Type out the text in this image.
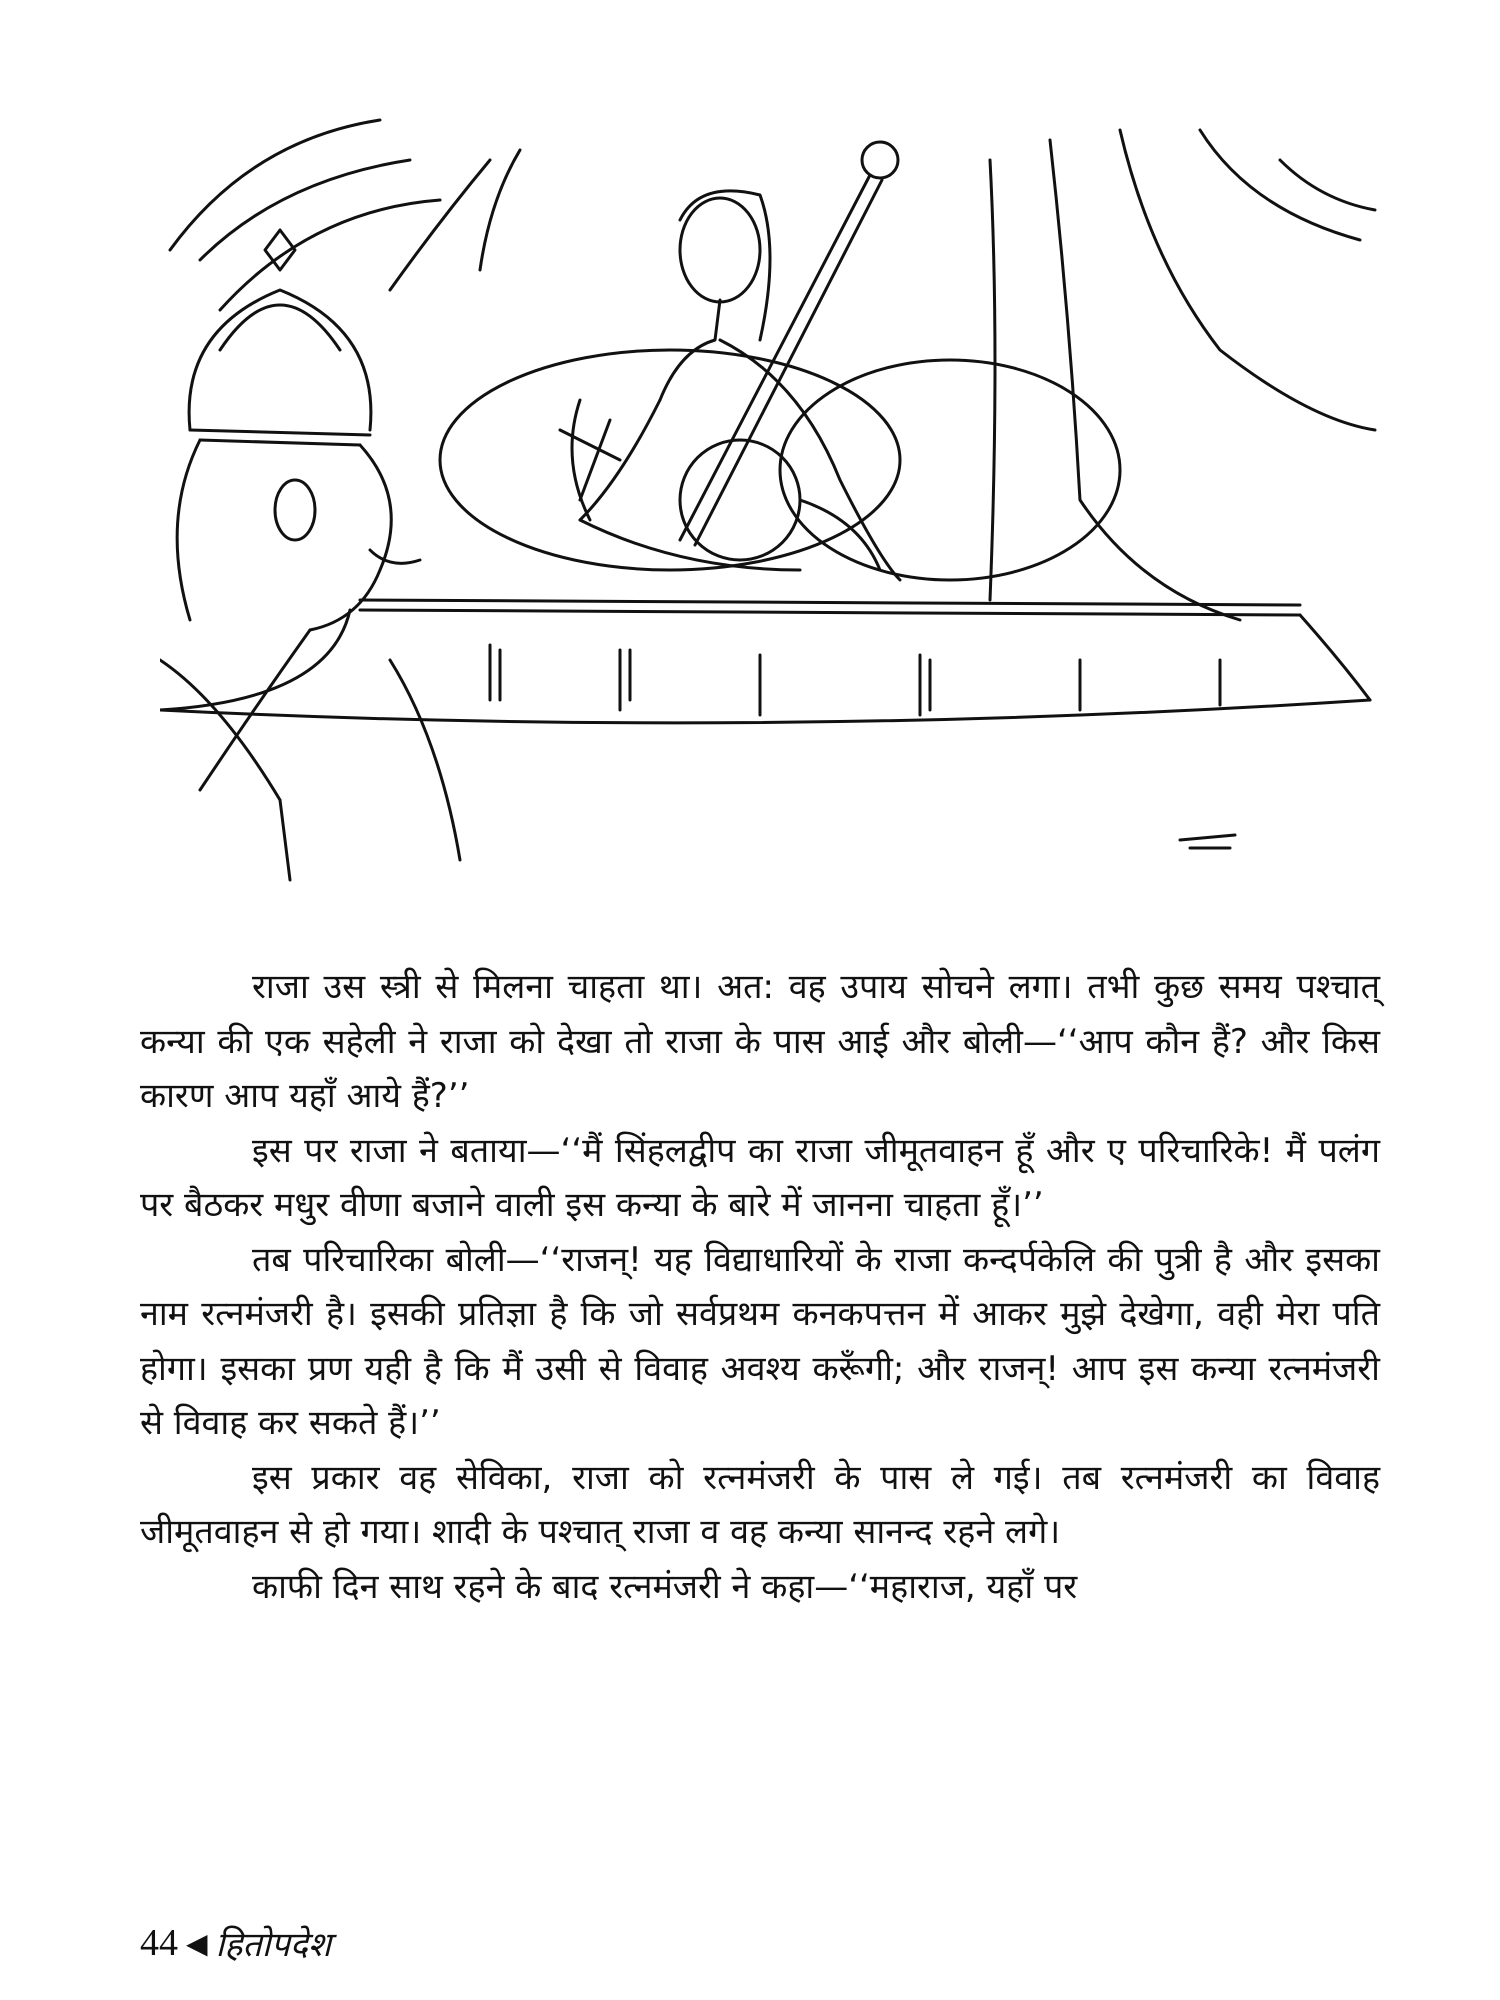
राजा उस स्त्री से मिलना चाहता था। अत: वह उपाय सोचने लगा। तभी कुछ समय पश्चात् कन्या की एक सहेली ने राजा को देखा तो राजा के पास आई और बोली—‘‘आप कौन हैं? और किस कारण आप यहाँ आये हैं?’’

इस पर राजा ने बताया—‘‘मैं सिंहलद्वीप का राजा जीमूतवाहन हूँ और ए परिचारिके! मैं पलंग पर बैठकर मधुर वीणा बजाने वाली इस कन्या के बारे में जानना चाहता हूँ।’’

तब परिचारिका बोली—‘‘राजन्! यह विद्याधारियों के राजा कन्दर्पकेलि की पुत्री है और इसका नाम रत्नमंजरी है। इसकी प्रतिज्ञा है कि जो सर्वप्रथम कनकपत्तन में आकर मुझे देखेगा, वही मेरा पति होगा। इसका प्रण यही है कि मैं उसी से विवाह अवश्य करूँगी; और राजन्! आप इस कन्या रत्नमंजरी से विवाह कर सकते हैं।’’

इस प्रकार वह सेविका, राजा को रत्नमंजरी के पास ले गई। तब रत्नमंजरी का विवाह जीमूतवाहन से हो गया। शादी के पश्चात् राजा व वह कन्या सानन्द रहने लगे।

काफी दिन साथ रहने के बाद रत्नमंजरी ने कहा—‘‘महाराज, यहाँ पर

44 ◀ हितोपदेश
